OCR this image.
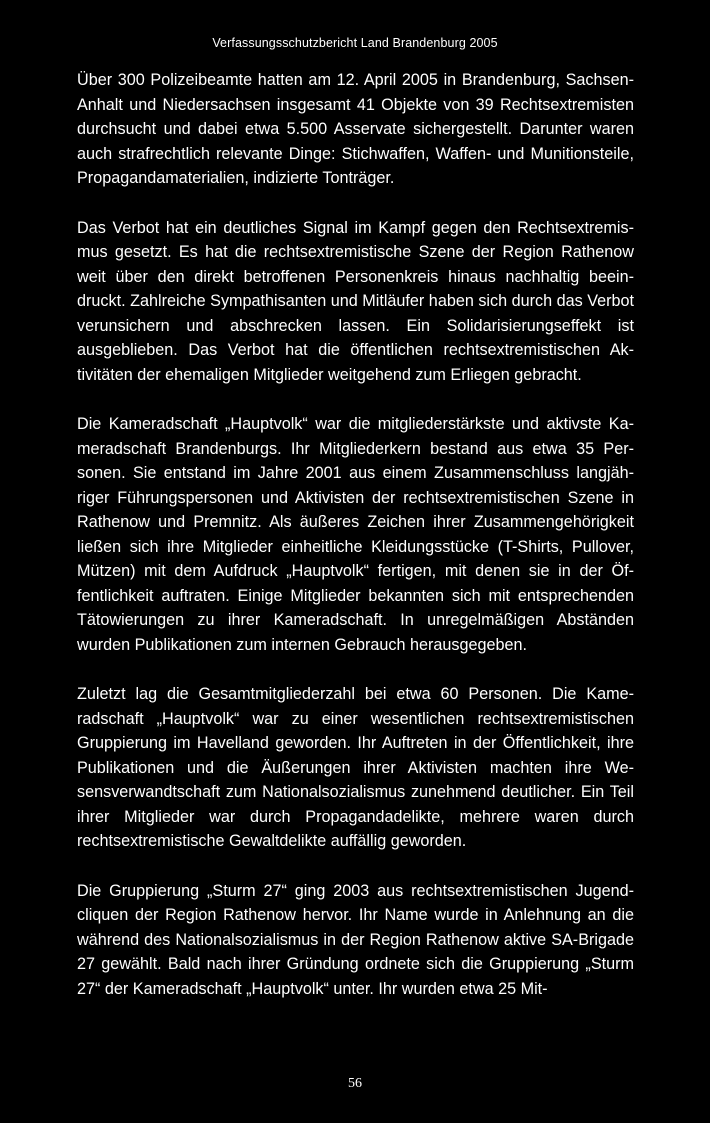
Verfassungsschutzbericht Land Brandenburg 2005

Über 300 Polizeibeamte hatten am 12. April 2005 in Brandenburg, Sachsen-Anhalt und Niedersachsen insgesamt 41 Objekte von 39 Rechtsextremisten durchsucht und dabei etwa 5.500 Asservate sichergestellt. Darunter waren auch strafrechtlich relevante Dinge: Stichwaffen, Waffen- und Munitionsteile, Propagandamaterialien, indizierte Tonträger.

Das Verbot hat ein deutliches Signal im Kampf gegen den Rechtsextremismus gesetzt. Es hat die rechtsextremistische Szene der Region Rathenow weit über den direkt betroffenen Personenkreis hinaus nachhaltig beeindruckt. Zahlreiche Sympathisanten und Mitläufer haben sich durch das Verbot verunsichern und abschrecken lassen. Ein Solidarisierungseffekt ist ausgeblieben. Das Verbot hat die öffentlichen rechtsextremistischen Aktivitäten der ehemaligen Mitglieder weitgehend zum Erliegen gebracht.

Die Kameradschaft „Hauptvolk“ war die mitgliederstärkste und aktivste Kameradschaft Brandenburgs. Ihr Mitgliederkern bestand aus etwa 35 Personen. Sie entstand im Jahre 2001 aus einem Zusammenschluss langjähriger Führungspersonen und Aktivisten der rechtsextremistischen Szene in Rathenow und Premnitz. Als äußeres Zeichen ihrer Zusammengehörigkeit ließen sich ihre Mitglieder einheitliche Kleidungsstücke (T-Shirts, Pullover, Mützen) mit dem Aufdruck „Hauptvolk“ fertigen, mit denen sie in der Öffentlichkeit auftraten. Einige Mitglieder bekannten sich mit entsprechenden Tätowierungen zu ihrer Kameradschaft. In unregelmäßigen Abständen wurden Publikationen zum internen Gebrauch herausgegeben.

Zuletzt lag die Gesamtmitgliederzahl bei etwa 60 Personen. Die Kameradschaft „Hauptvolk“ war zu einer wesentlichen rechtsextremistischen Gruppierung im Havelland geworden. Ihr Auftreten in der Öffentlichkeit, ihre Publikationen und die Äußerungen ihrer Aktivisten machten ihre Wesensverwandtschaft zum Nationalsozialismus zunehmend deutlicher. Ein Teil ihrer Mitglieder war durch Propagandadelikte, mehrere waren durch rechtsextremistische Gewaltdelikte auffällig geworden.

Die Gruppierung „Sturm 27“ ging 2003 aus rechtsextremistischen Jugendcliquen der Region Rathenow hervor. Ihr Name wurde in Anlehnung an die während des Nationalsozialismus in der Region Rathenow aktive SA-Brigade 27 gewählt. Bald nach ihrer Gründung ordnete sich die Gruppierung „Sturm 27“ der Kameradschaft „Hauptvolk“ unter. Ihr wurden etwa 25 Mit-

56
